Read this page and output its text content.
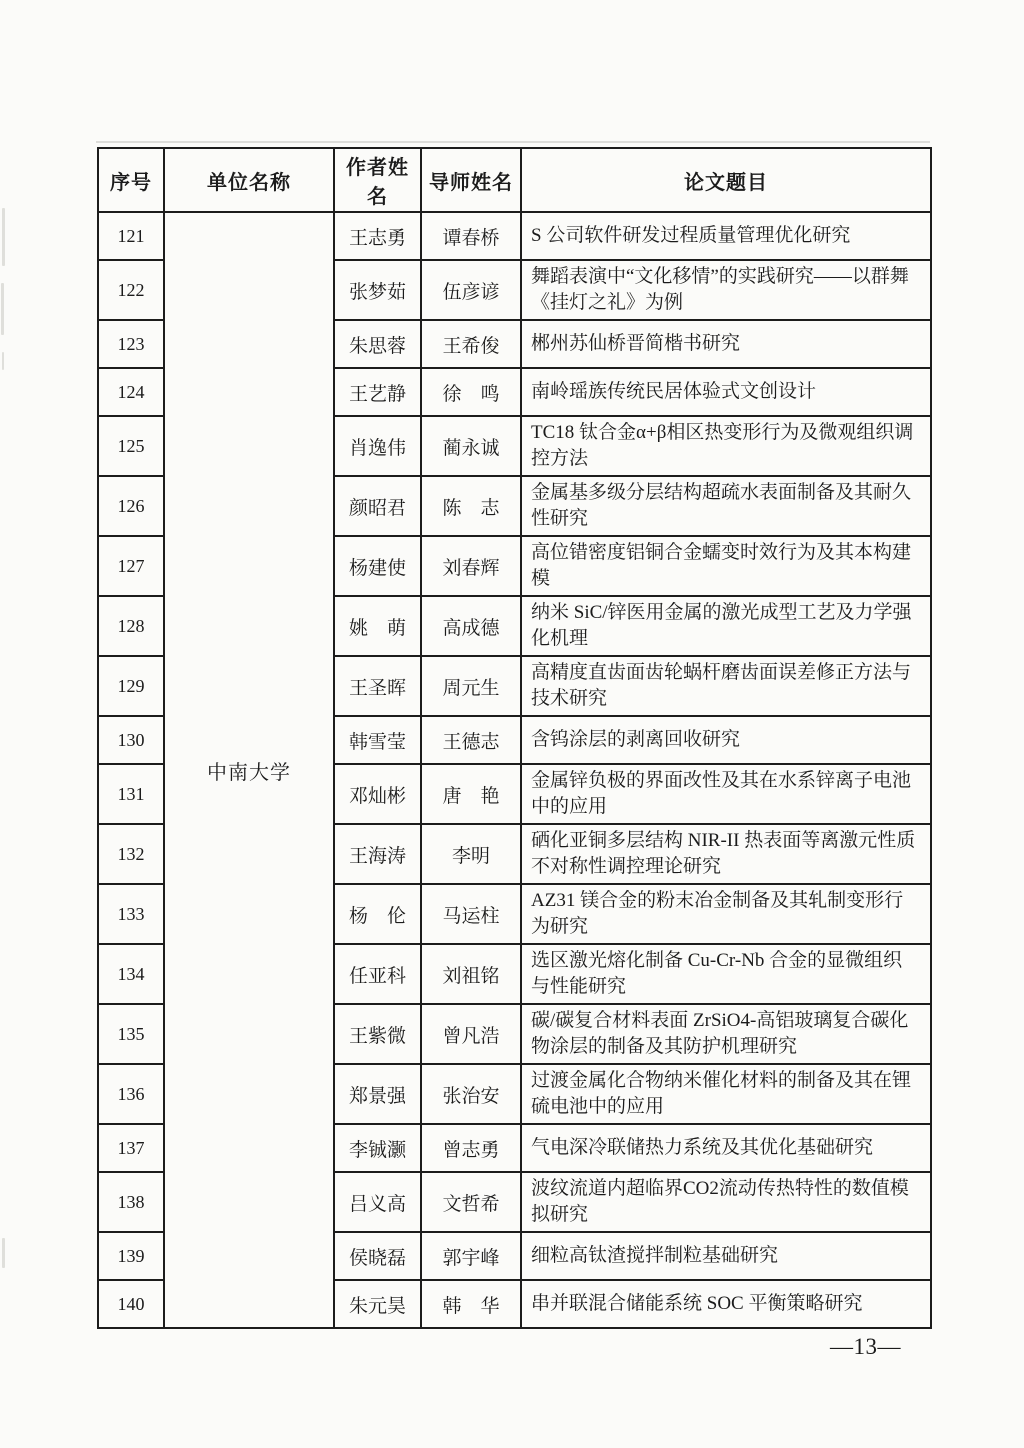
序号	单位名称	作者姓名	导师姓名	论文题目
121	中南大学	王志勇	谭春桥	S 公司软件研发过程质量管理优化研究
122		张梦茹	伍彦谚	舞蹈表演中“文化移情”的实践研究——以群舞《挂灯之礼》为例
123		朱思蓉	王希俊	郴州苏仙桥晋简楷书研究
124		王艺静	徐　鸣	南岭瑶族传统民居体验式文创设计
125		肖逸伟	蔺永诚	TC18 钛合金α+β相区热变形行为及微观组织调控方法
126		颜昭君	陈　志	金属基多级分层结构超疏水表面制备及其耐久性研究
127		杨建使	刘春辉	高位错密度铝铜合金蠕变时效行为及其本构建模
128		姚　萌	高成德	纳米 SiC/锌医用金属的激光成型工艺及力学强化机理
129		王圣晖	周元生	高精度直齿面齿轮蜗杆磨齿面误差修正方法与技术研究
130		韩雪莹	王德志	含钨涂层的剥离回收研究
131		邓灿彬	唐　艳	金属锌负极的界面改性及其在水系锌离子电池中的应用
132		王海涛	李明	硒化亚铜多层结构 NIR-II 热表面等离激元性质不对称性调控理论研究
133		杨　伦	马运柱	AZ31 镁合金的粉末冶金制备及其轧制变形行为研究
134		任亚科	刘祖铭	选区激光熔化制备 Cu-Cr-Nb 合金的显微组织与性能研究
135		王紫微	曾凡浩	碳/碳复合材料表面 ZrSiO4-高铝玻璃复合碳化物涂层的制备及其防护机理研究
136		郑景强	张治安	过渡金属化合物纳米催化材料的制备及其在锂硫电池中的应用
137		李铖灏	曾志勇	气电深冷联储热力系统及其优化基础研究
138		吕义高	文哲希	波纹流道内超临界CO2流动传热特性的数值模拟研究
139		侯晓磊	郭宇峰	细粒高钛渣搅拌制粒基础研究
140		朱元昊	韩　华	串并联混合储能系统 SOC 平衡策略研究
—13—
